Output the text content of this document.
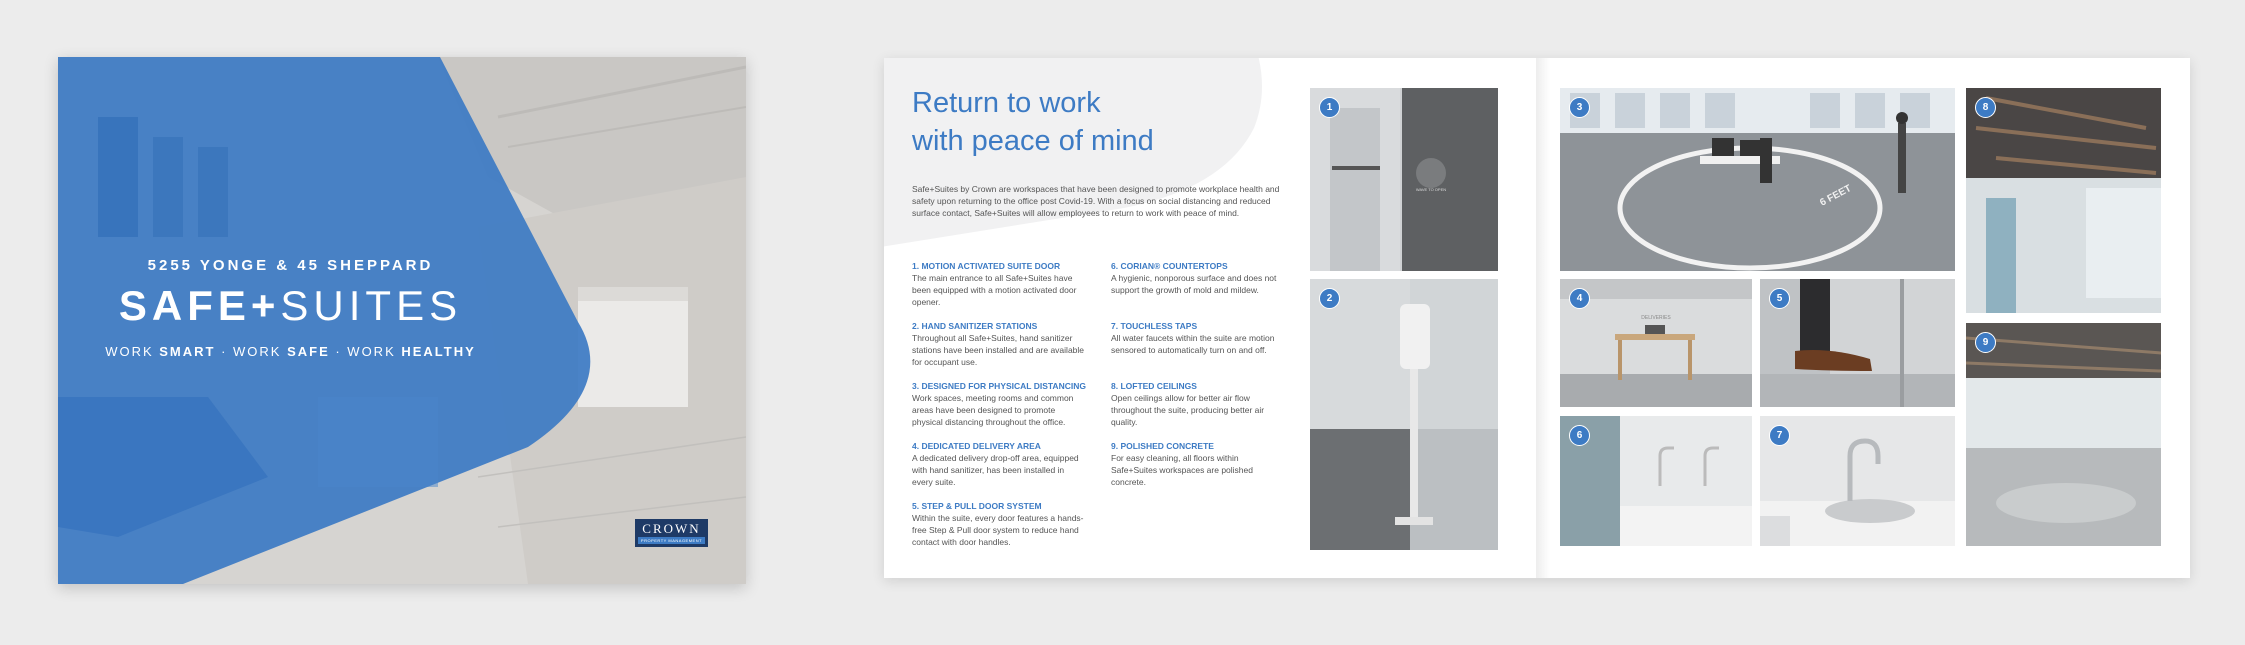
5255 YONGE & 45 SHEPPARD
SAFE+SUITES
WORK SMART · WORK SAFE · WORK HEALTHY
CROWN
PROPERTY MANAGEMENT
Return to work
with peace of mind
Safe+Suites by Crown are workspaces that have been designed to promote workplace health and safety upon returning to the office post Covid-19. With a focus on social distancing and reduced surface contact, Safe+Suites will allow employees to return to work with peace of mind.
1. MOTION ACTIVATED SUITE DOOR
The main entrance to all Safe+Suites have been equipped with a motion activated door opener.
2. HAND SANITIZER STATIONS
Throughout all Safe+Suites, hand sanitizer stations have been installed and are available for occupant use.
3. DESIGNED FOR PHYSICAL DISTANCING
Work spaces, meeting rooms and common areas have been designed to promote physical distancing throughout the office.
4. DEDICATED DELIVERY AREA
A dedicated delivery drop-off area, equipped with hand sanitizer, has been installed in every suite.
5. STEP & PULL DOOR SYSTEM
Within the suite, every door features a hands-free Step & Pull door system to reduce hand contact with door handles.
6. CORIAN® COUNTERTOPS
A hygienic, nonporous surface and does not support the growth of mold and mildew.
7. TOUCHLESS TAPS
All water faucets within the suite are motion sensored to automatically turn on and off.
8. LOFTED CEILINGS
Open ceilings allow for better air flow throughout the suite, producing better air quality.
9. POLISHED CONCRETE
For easy cleaning, all floors within Safe+Suites workspaces are polished concrete.
WAVE TO OPEN
1
2
6 FEET
3
DELIVERIES
4	5
6	7
8
9
